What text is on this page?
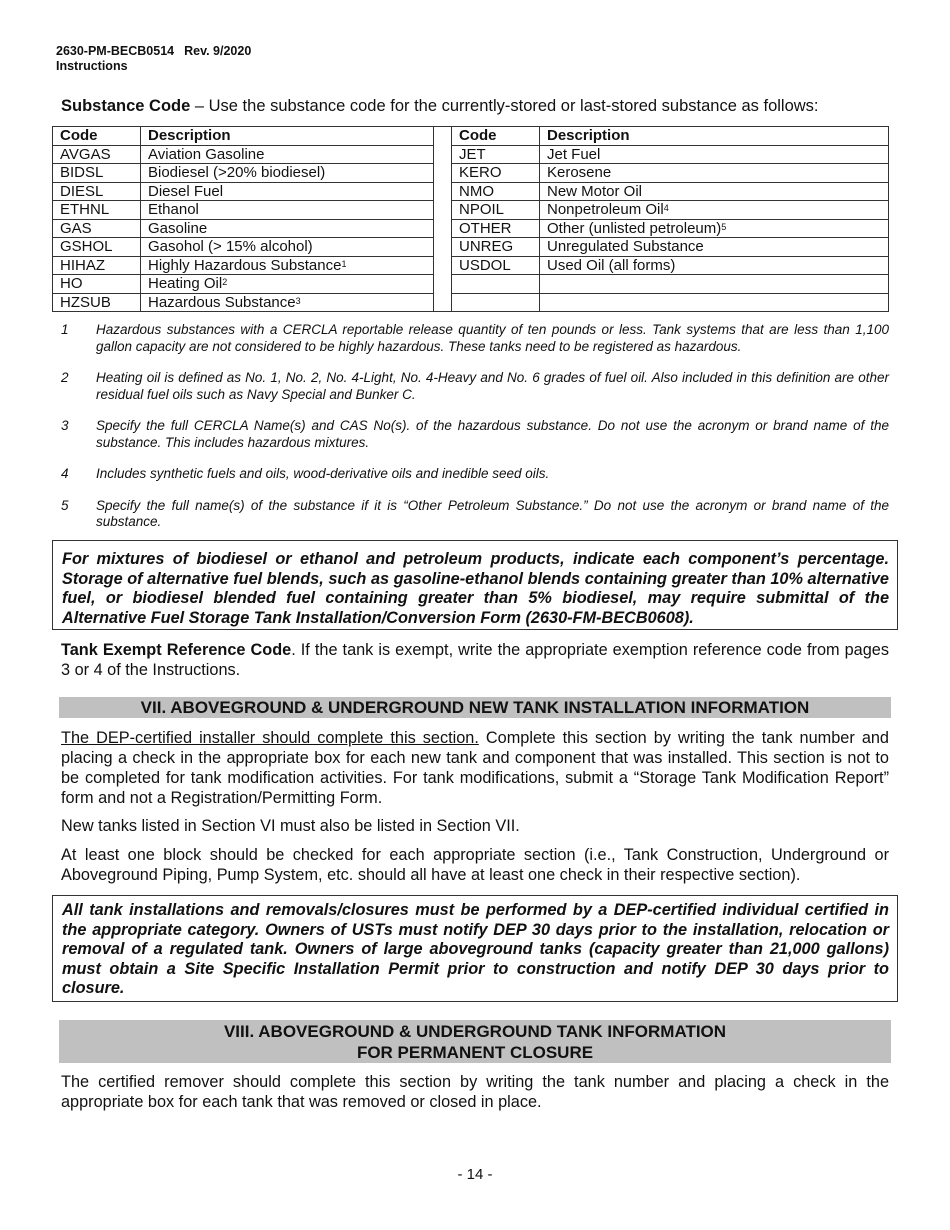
2630-PM-BECB0514 Rev. 9/2020
Instructions
Substance Code – Use the substance code for the currently-stored or last-stored substance as follows:
Code	Description
AVGAS	Aviation Gasoline
BIDSL	Biodiesel (>20% biodiesel)
DIESL	Diesel Fuel
ETHNL	Ethanol
GAS	Gasoline
GSHOL	Gasohol (> 15% alcohol)
HIHAZ	Highly Hazardous Substance$^1$
HO	Heating Oil$^2$
HZSUB	Hazardous Substance$^3$
Code	Description
JET	Jet Fuel
KERO	Kerosene
NMO	New Motor Oil
NPOIL	Nonpetroleum Oil$^4$
OTHER	Other (unlisted petroleum)$^5$
UNREG	Unregulated Substance
USDOL	Used Oil (all forms)

1	Hazardous substances with a CERCLA reportable release quantity of ten pounds or less. Tank systems that are less than 1,100 gallon capacity are not considered to be highly hazardous. These tanks need to be registered as hazardous.
2	Heating oil is defined as No. 1, No. 2, No. 4-Light, No. 4-Heavy and No. 6 grades of fuel oil. Also included in this definition are other residual fuel oils such as Navy Special and Bunker C.
3	Specify the full CERCLA Name(s) and CAS No(s). of the hazardous substance. Do not use the acronym or brand name of the substance. This includes hazardous mixtures.
4	Includes synthetic fuels and oils, wood-derivative oils and inedible seed oils.
5	Specify the full name(s) of the substance if it is “Other Petroleum Substance.” Do not use the acronym or brand name of the substance.
For mixtures of biodiesel or ethanol and petroleum products, indicate each component’s percentage. Storage of alternative fuel blends, such as gasoline-ethanol blends containing greater than 10% alternative fuel, or biodiesel blended fuel containing greater than 5% biodiesel, may require submittal of the Alternative Fuel Storage Tank Installation/Conversion Form (2630-FM-BECB0608).
Tank Exempt Reference Code. If the tank is exempt, write the appropriate exemption reference code from pages 3 or 4 of the Instructions.
VII. ABOVEGROUND & UNDERGROUND NEW TANK INSTALLATION INFORMATION
The DEP-certified installer should complete this section. Complete this section by writing the tank number and placing a check in the appropriate box for each new tank and component that was installed. This section is not to be completed for tank modification activities. For tank modifications, submit a “Storage Tank Modification Report” form and not a Registration/Permitting Form.
New tanks listed in Section VI must also be listed in Section VII.
At least one block should be checked for each appropriate section (i.e., Tank Construction, Underground or Aboveground Piping, Pump System, etc. should all have at least one check in their respective section).
All tank installations and removals/closures must be performed by a DEP-certified individual certified in the appropriate category. Owners of USTs must notify DEP 30 days prior to the installation, relocation or removal of a regulated tank. Owners of large aboveground tanks (capacity greater than 21,000 gallons) must obtain a Site Specific Installation Permit prior to construction and notify DEP 30 days prior to closure.
VIII. ABOVEGROUND & UNDERGROUND TANK INFORMATION
FOR PERMANENT CLOSURE
The certified remover should complete this section by writing the tank number and placing a check in the appropriate box for each tank that was removed or closed in place.
- 14 -
